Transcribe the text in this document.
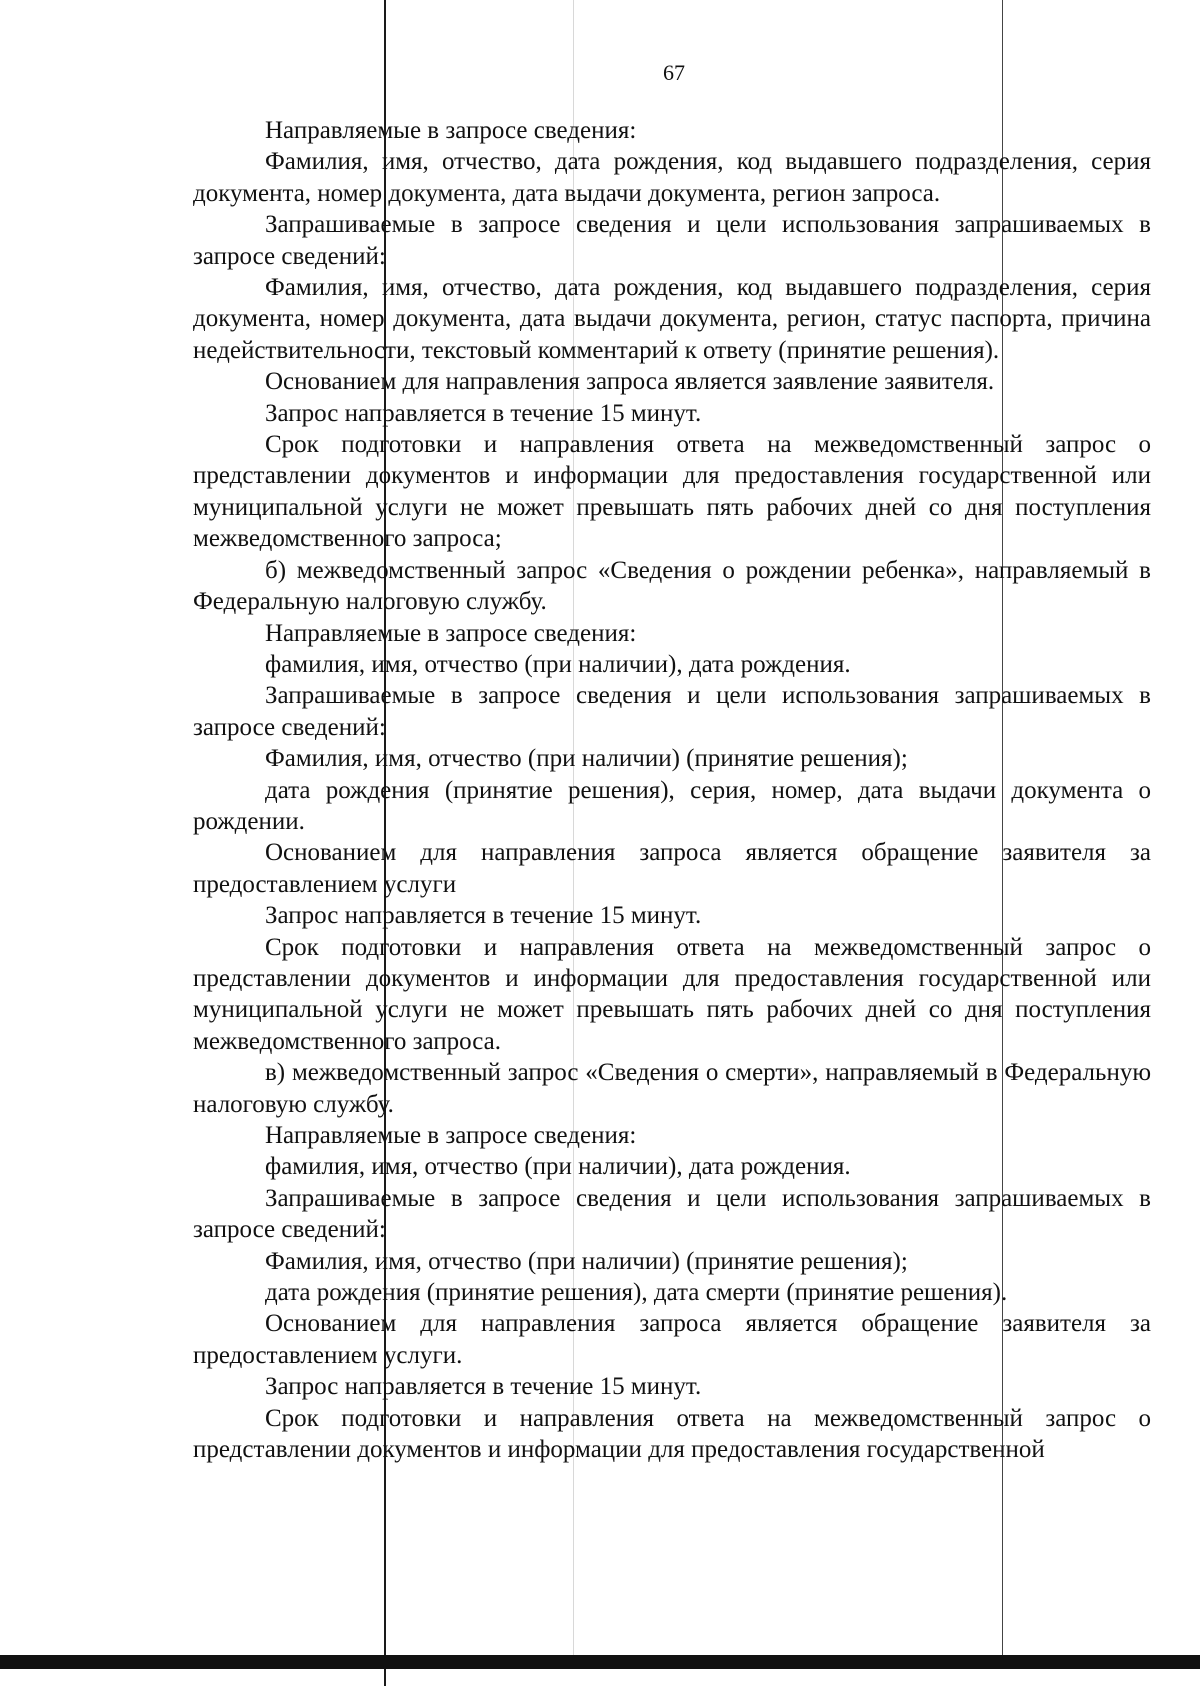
67

Направляемые в запросе сведения:

Фамилия, имя, отчество, дата рождения, код выдавшего подразделения, серия документа, номер документа, дата выдачи документа, регион запроса.

Запрашиваемые в запросе сведения и цели использования запрашиваемых в запросе сведений:

Фамилия, имя, отчество, дата рождения, код выдавшего подразделения, серия документа, номер документа, дата выдачи документа, регион, статус паспорта, причина недействительности, текстовый комментарий к ответу (принятие решения).

Основанием для направления запроса является заявление заявителя.

Запрос направляется в течение 15 минут.

Срок подготовки и направления ответа на межведомственный запрос о представлении документов и информации для предоставления государственной или муниципальной услуги не может превышать пять рабочих дней со дня поступления межведомственного запроса;

б) межведомственный запрос «Сведения о рождении ребенка», направляемый в Федеральную налоговую службу.

Направляемые в запросе сведения:

фамилия, имя, отчество (при наличии), дата рождения.

Запрашиваемые в запросе сведения и цели использования запрашиваемых в запросе сведений:

Фамилия, имя, отчество (при наличии) (принятие решения);

дата рождения (принятие решения), серия, номер, дата выдачи документа о рождении.

Основанием для направления запроса является обращение заявителя за предоставлением услуги

Запрос направляется в течение 15 минут.

Срок подготовки и направления ответа на межведомственный запрос о представлении документов и информации для предоставления государственной или муниципальной услуги не может превышать пять рабочих дней со дня поступления межведомственного запроса.

в) межведомственный запрос «Сведения о смерти», направляемый в Федеральную налоговую службу.

Направляемые в запросе сведения:

фамилия, имя, отчество (при наличии), дата рождения.

Запрашиваемые в запросе сведения и цели использования запрашиваемых в запросе сведений:

Фамилия, имя, отчество (при наличии) (принятие решения);

дата рождения (принятие решения), дата смерти (принятие решения).

Основанием для направления запроса является обращение заявителя за предоставлением услуги.

Запрос направляется в течение 15 минут.

Срок подготовки и направления ответа на межведомственный запрос о представлении документов и информации для предоставления государственной
